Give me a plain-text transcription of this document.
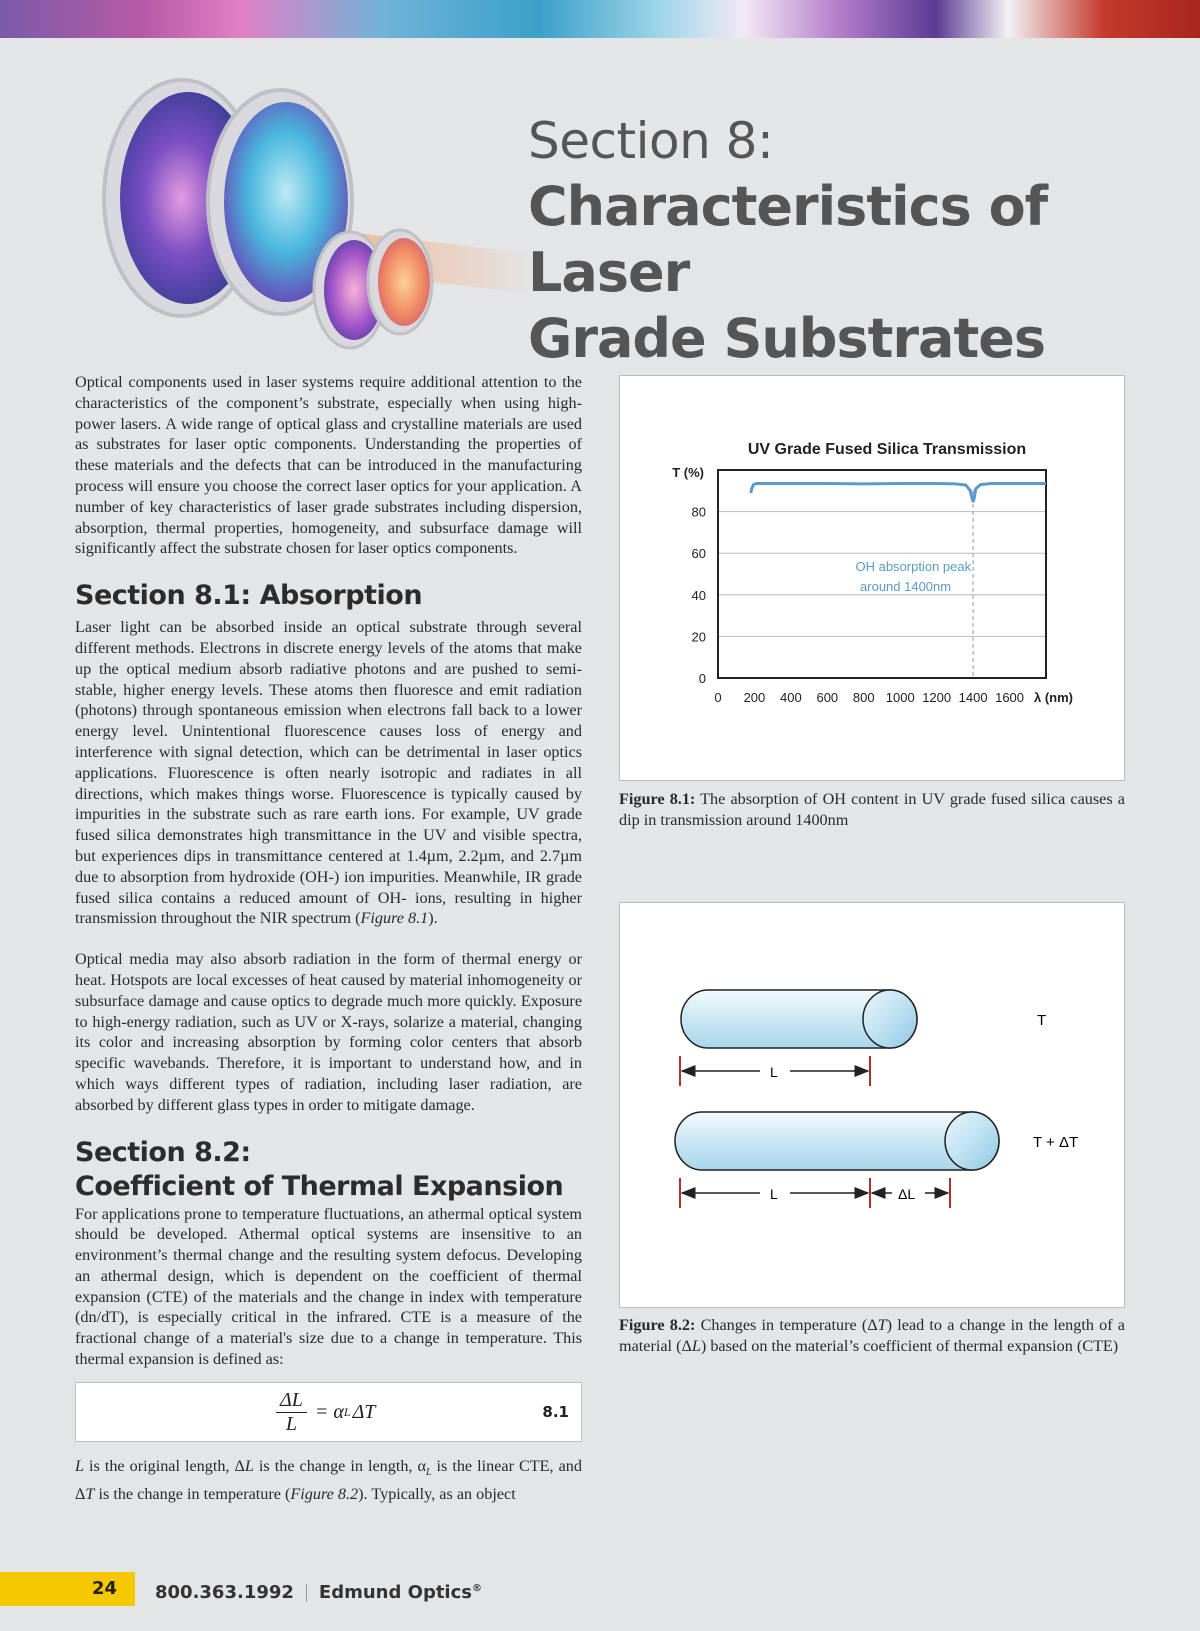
Section 8:
Characteristics of Laser
Grade Substrates

Optical components used in laser systems require additional attention to the characteristics of the component’s substrate, especially when using high-power lasers. A wide range of optical glass and crystalline materials are used as substrates for laser optic components. Understanding the properties of these materials and the defects that can be introduced in the manufacturing process will ensure you choose the correct laser optics for your application. A number of key characteristics of laser grade substrates including dispersion, absorption, thermal properties, homogeneity, and subsurface damage will significantly affect the substrate chosen for laser optics components.

Section 8.1: Absorption

Laser light can be absorbed inside an optical substrate through several different methods. Electrons in discrete energy levels of the atoms that make up the optical medium absorb radiative photons and are pushed to semi-stable, higher energy levels. These atoms then fluoresce and emit radiation (photons) through spontaneous emission when electrons fall back to a lower energy level. Unintentional fluorescence causes loss of energy and interference with signal detection, which can be detrimental in laser optics applications. Fluorescence is often nearly isotropic and radiates in all directions, which makes things worse. Fluorescence is typically caused by impurities in the substrate such as rare earth ions. For example, UV grade fused silica demonstrates high transmittance in the UV and visible spectra, but experiences dips in transmittance centered at 1.4µm, 2.2µm, and 2.7µm due to absorption from hydroxide (OH-) ion impurities. Meanwhile, IR grade fused silica contains a reduced amount of OH- ions, resulting in higher transmission throughout the NIR spectrum (Figure 8.1).

Optical media may also absorb radiation in the form of thermal energy or heat. Hotspots are local excesses of heat caused by material inhomogeneity or subsurface damage and cause optics to degrade much more quickly. Exposure to high-energy radiation, such as UV or X-rays, solarize a material, changing its color and increasing absorption by forming color centers that absorb specific wavebands. Therefore, it is important to understand how, and in which ways different types of radiation, including laser radiation, are absorbed by different glass types in order to mitigate damage.

Section 8.2:
Coefficient of Thermal Expansion

For applications prone to temperature fluctuations, an athermal optical system should be developed. Athermal optical systems are insensitive to an environment’s thermal change and the resulting system defocus. Developing an athermal design, which is dependent on the coefficient of thermal expansion (CTE) of the materials and the change in index with temperature (dn/dT), is especially critical in the infrared. CTE is a measure of the fractional change of a material's size due to a change in temperature. This thermal expansion is defined as:

$\frac{\Delta L}{L} = \alpha$ L ΔT	8.1

L is the original length, ΔL is the change in length, $\alpha_L$ is the linear CTE, and ΔT is the change in temperature (Figure 8.2). Typically, as an object

UV Grade Fused Silica Transmission
0
20
40
60
80
T (%)
0 200 400 600 800 1000 1200 1400 1600 λ (nm)
OH absorption peak
around 1400nm

Figure 8.1: The absorption of OH content in UV grade fused silica causes a dip in transmission around 1400nm

T
L
T + ΔT
L	ΔL

Figure 8.2: Changes in temperature (ΔT) lead to a change in the length of a material (ΔL) based on the material’s coefficient of thermal expansion (CTE)

24	800.363.1992 Edmund Optics®
